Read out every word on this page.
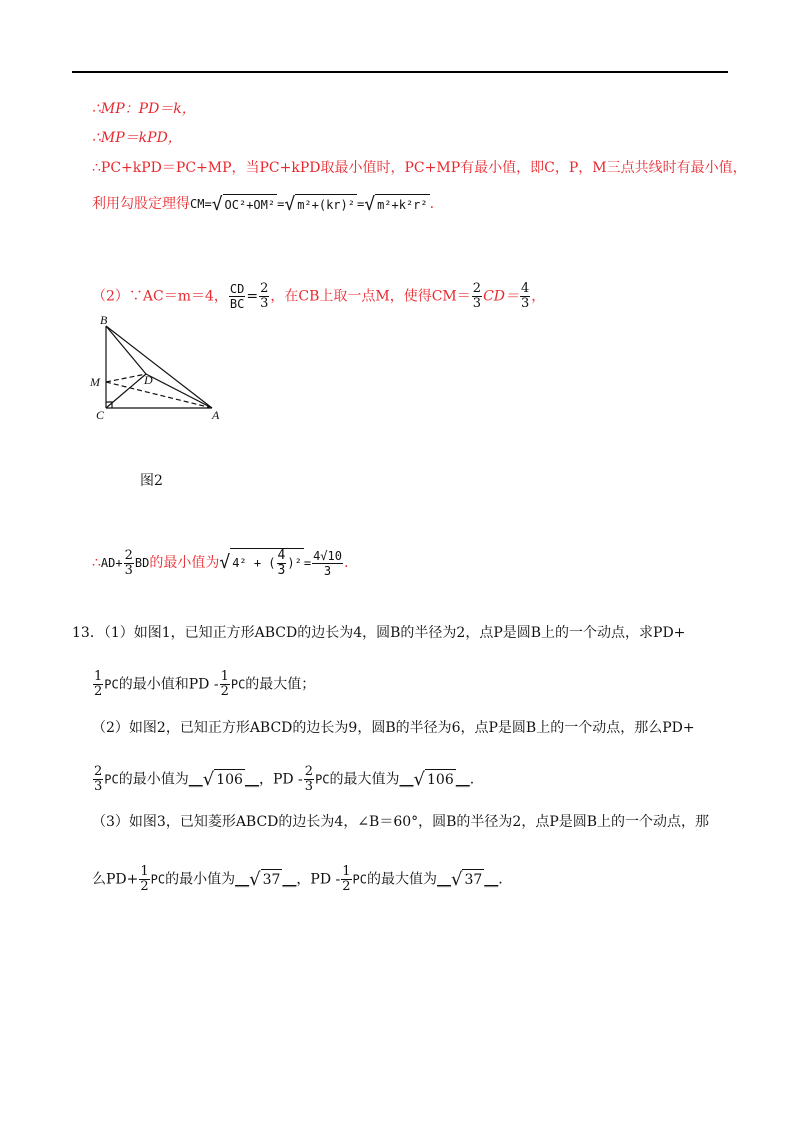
∴MP：PD＝k，
∴MP＝kPD，
∴PC+kPD＝PC+MP，当PC+kPD取最小值时，PC+MP有最小值，即C，P，M三点共线时有最小值，
利用勾股定理得CM=√ OC²+OM² =√ m²+(kr)² =√ m²+k²r² .
（2）∵AC＝m＝4， $\frac{CD}{BC} = \frac{2}{3}$ ，在CB上取一点M，使得$CM= \frac{2}{3} CD= \frac{4}{3}$ ，
B
M	D
C	A
图2
∴AD+ $\frac{2}{3}$ BD的最小值为√ 4² + ( $\frac{4}{3} )^2 = \frac{4√10}{3}$ .
13．（1）如图1，已知正方形ABCD的边长为4，圆B的半径为2，点P是圆B上的一个动点，求PD+
$\frac{1}{2}$ PC的最小值和PD - $\frac{1}{2}$ PC的最大值；
（2）如图2，已知正方形ABCD的边长为9，圆B的半径为6，点P是圆B上的一个动点，那么PD+
$\frac{2}{3}$ PC的最小值为__√ 106 __，PD - $\frac{2}{3}$ PC的最大值为__√ 106 __.
（3）如图3，已知菱形ABCD的边长为4，∠B＝60°，圆B的半径为2，点P是圆B上的一个动点，那
么$PD+ \frac{1}{2}$ PC的最小值为__√ 37 __，PD - $\frac{1}{2}$ PC的最大值为__√ 37 __.
